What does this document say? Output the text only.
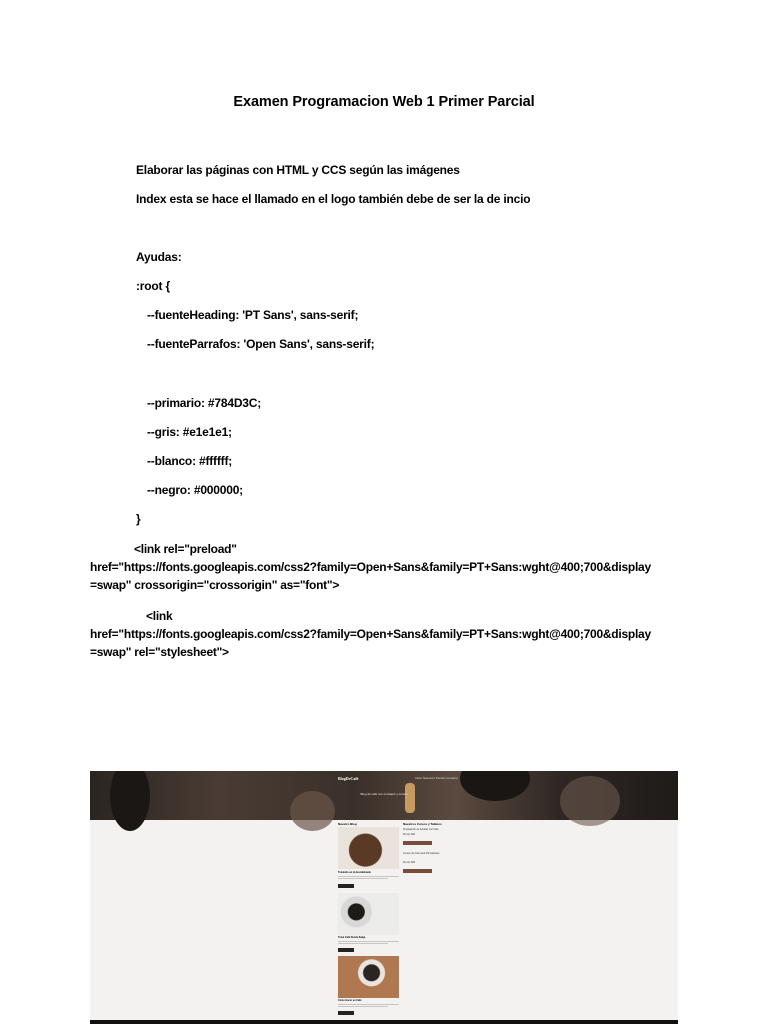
Examen Programacion Web 1 Primer Parcial
Elaborar las páginas con HTML y CCS según las imágenes
Index esta se hace el llamado en el logo también debe de ser la de incio
Ayudas:
:root {
--fuenteHeading: 'PT Sans', sans-serif;
--fuenteParrafos: 'Open Sans', sans-serif;
--primario: #784D3C;
--gris: #e1e1e1;
--blanco: #ffffff;
--negro: #000000;
}
<link rel="preload"
href="https://fonts.googleapis.com/css2?family=Open+Sans&family=PT+Sans:wght@400;700&display
=swap" crossorigin="crossorigin" as="font">
<link
href="https://fonts.googleapis.com/css2?family=Open+Sans&family=PT+Sans:wght@400;700&display
=swap" rel="stylesheet">
BlogDeCafé	Inicio Nosotros Tienda Contacto
Blog de café con consejos y cursos
Nuestro Blog	Nuestros Cursos y Talleres
Tomando un té descafeinado
Toma Café Donde Salga
Cómo Hacer un Café
Preparación de bebidas con Café
Precio: $40
Cursos de Café para Principiantes
Precio: $30
